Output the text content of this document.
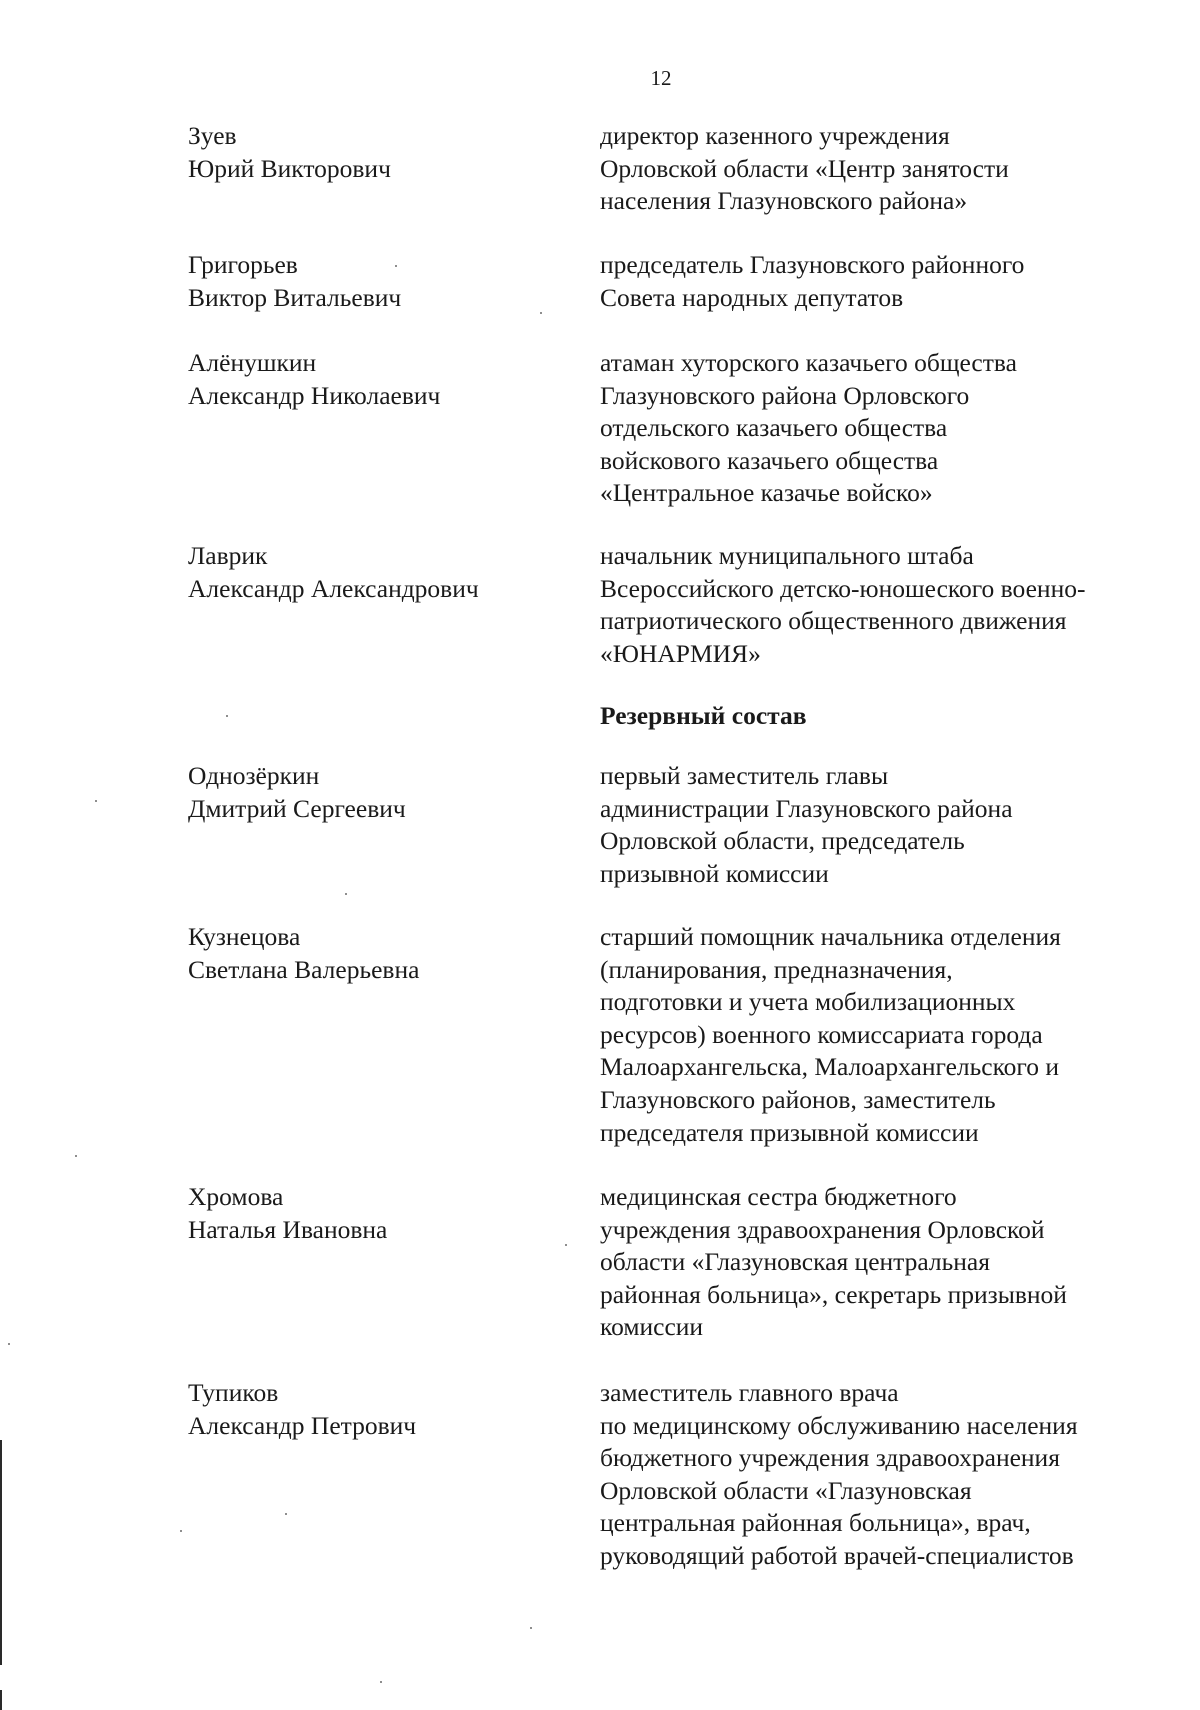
12
Зуев
Юрий Викторович
директор казенного учреждения
Орловской области «Центр занятости
населения Глазуновского района»
Григорьев
Виктор Витальевич
председатель Глазуновского районного
Совета народных депутатов
Алёнушкин
Александр Николаевич
атаман хуторского казачьего общества
Глазуновского района Орловского
отдельского казачьего общества
войскового казачьего общества
«Центральное казачье войско»
Лаврик
Александр Александрович
начальник муниципального штаба
Всероссийского детско-юношеского военно-
патриотического общественного движения
«ЮНАРМИЯ»
Резервный состав
Однозёркин
Дмитрий Сергеевич
первый заместитель главы
администрации Глазуновского района
Орловской области, председатель
призывной комиссии
Кузнецова
Светлана Валерьевна
старший помощник начальника отделения
(планирования, предназначения,
подготовки и учета мобилизационных
ресурсов) военного комиссариата города
Малоархангельска, Малоархангельского и
Глазуновского районов, заместитель
председателя призывной комиссии
Хромова
Наталья Ивановна
медицинская сестра бюджетного
учреждения здравоохранения Орловской
области «Глазуновская центральная
районная больница», секретарь призывной
комиссии
Тупиков
Александр Петрович
заместитель главного врача
по медицинскому обслуживанию населения
бюджетного учреждения здравоохранения
Орловской области «Глазуновская
центральная районная больница», врач,
руководящий работой врачей-специалистов
